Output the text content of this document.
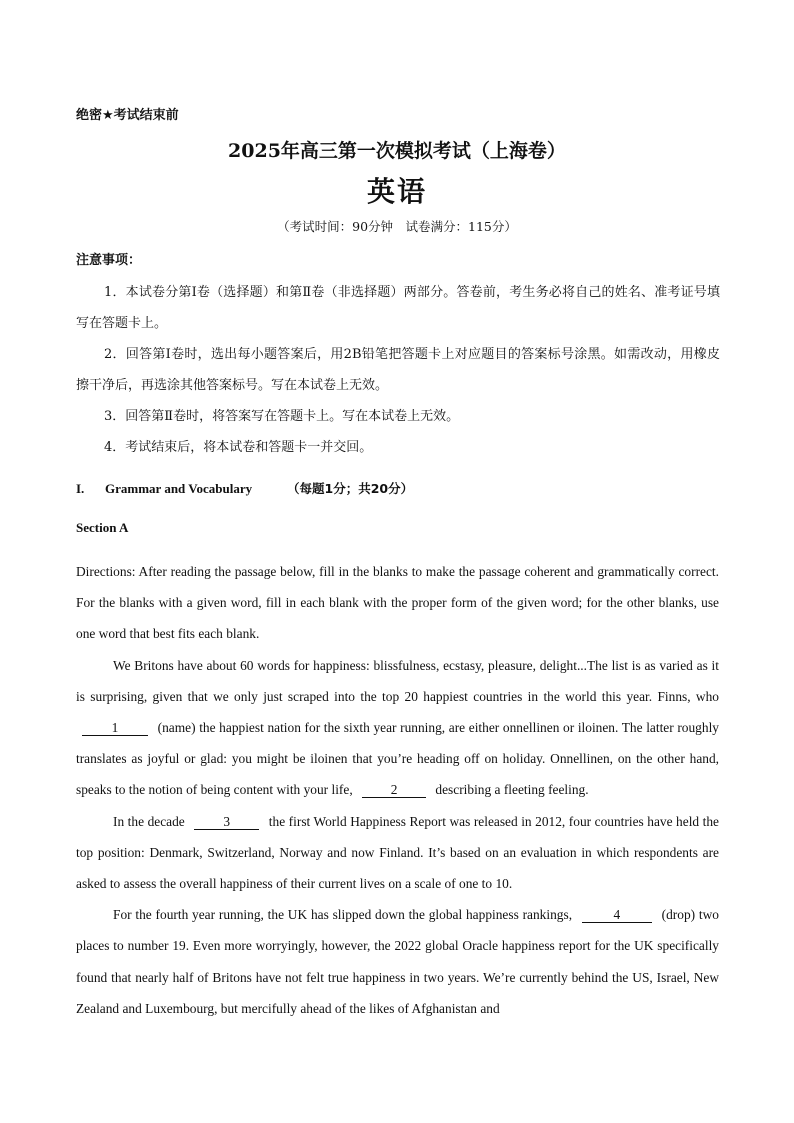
绝密★考试结束前
2025年高三第一次模拟考试（上海卷）
英语
（考试时间：90分钟　试卷满分：115分）
注意事项：

1．本试卷分第Ⅰ卷（选择题）和第Ⅱ卷（非选择题）两部分。答卷前，考生务必将自己的姓名、准考证号填写在答题卡上。

2．回答第Ⅰ卷时，选出每小题答案后，用2B铅笔把答题卡上对应题目的答案标号涂黑。如需改动，用橡皮擦干净后，再选涂其他答案标号。写在本试卷上无效。

3．回答第Ⅱ卷时，将答案写在答题卡上。写在本试卷上无效。

4．考试结束后，将本试卷和答题卡一并交回。

I. Grammar and Vocabulary	（每题1分；共20分）
Section A

Directions: After reading the passage below, fill in the blanks to make the passage coherent and grammatically correct. For the blanks with a given word, fill in each blank with the proper form of the given word; for the other blanks, use one word that best fits each blank.

We Britons have about 60 words for happiness: blissfulness, ecstasy, pleasure, delight...The list is as varied as it is surprising, given that we only just scraped into the top 20 happiest countries in the world this year. Finns, who 1	(name) the happiest nation for the sixth year running, are either onnellinen or iloinen. The latter roughly translates as joyful or glad: you might be iloinen that you’re heading off on holiday. Onnellinen, on the other hand, speaks to the notion of being content with your life,	2	describing a fleeting feeling.

In the decade	3	the first World Happiness Report was released in 2012, four countries have held the top position: Denmark, Switzerland, Norway and now Finland. It’s based on an evaluation in which respondents are asked to assess the overall happiness of their current lives on a scale of one to 10.

For the fourth year running, the UK has slipped down the global happiness rankings,	4	(drop) two places to number 19. Even more worryingly, however, the 2022 global Oracle happiness report for the UK specifically found that nearly half of Britons have not felt true happiness in two years. We’re currently behind the US, Israel, New Zealand and Luxembourg, but mercifully ahead of the likes of Afghanistan and
